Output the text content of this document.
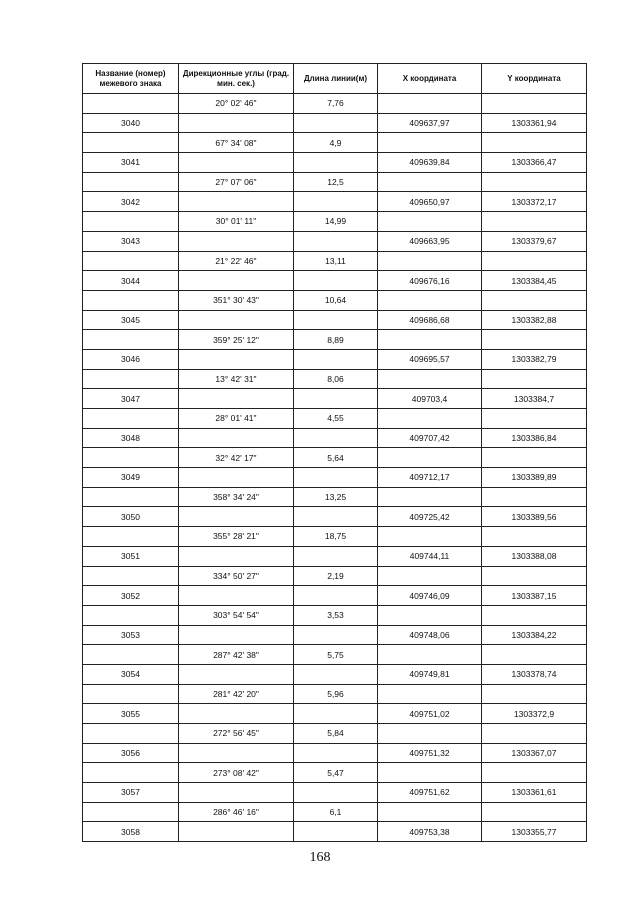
Название (номер) межевого знака	Дирекционные углы (град. мин. сек.)	Длина линии(м)	X координата	Y координата
	20° 02' 46"	7,76		
3040			409637,97	1303361,94
	67° 34' 08"	4,9		
3041			409639,84	1303366,47
	27° 07' 06"	12,5		
3042			409650,97	1303372,17
	30° 01' 11"	14,99		
3043			409663,95	1303379,67
	21° 22' 46"	13,11		
3044			409676,16	1303384,45
	351° 30' 43"	10,64		
3045			409686,68	1303382,88
	359° 25' 12"	8,89		
3046			409695,57	1303382,79
	13° 42' 31"	8,06		
3047			409703,4	1303384,7
	28° 01' 41"	4,55		
3048			409707,42	1303386,84
	32° 42' 17"	5,64		
3049			409712,17	1303389,89
	358° 34' 24"	13,25		
3050			409725,42	1303389,56
	355° 28' 21"	18,75		
3051			409744,11	1303388,08
	334° 50' 27"	2,19		
3052			409746,09	1303387,15
	303° 54' 54"	3,53		
3053			409748,06	1303384,22
	287° 42' 38"	5,75		
3054			409749,81	1303378,74
	281° 42' 20"	5,96		
3055			409751,02	1303372,9
	272° 56' 45"	5,84		
3056			409751,32	1303367,07
	273° 08' 42"	5,47		
3057			409751,62	1303361,61
	286° 46' 16"	6,1		
3058			409753,38	1303355,77
168
